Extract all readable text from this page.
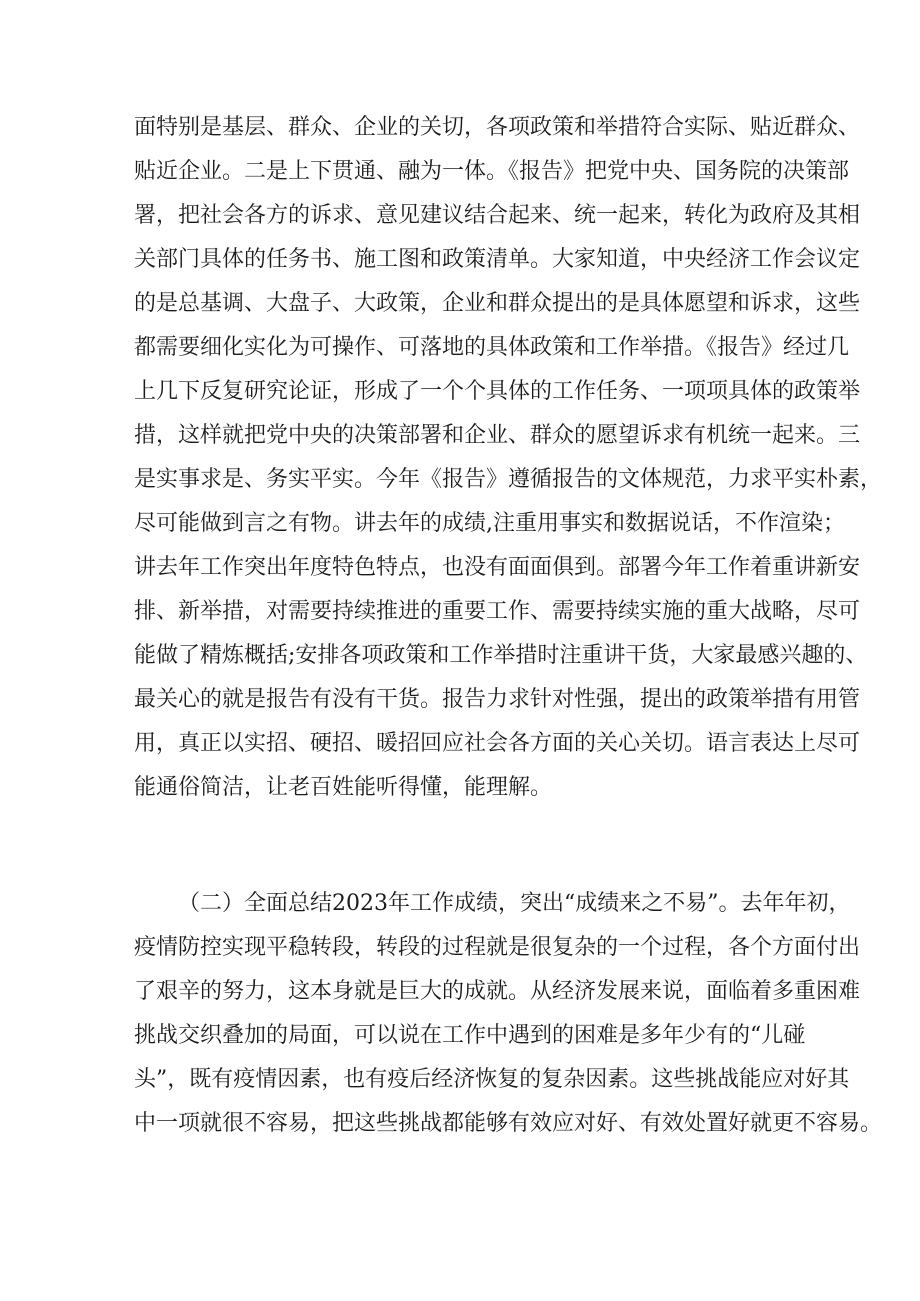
面特别是基层、群众、企业的关切，各项政策和举措符合实际、贴近群众、
贴近企业。二是上下贯通、融为一体。《报告》把党中央、国务院的决策部
署，把社会各方的诉求、意见建议结合起来、统一起来，转化为政府及其相
关部门具体的任务书、施工图和政策清单。大家知道，中央经济工作会议定
的是总基调、大盘子、大政策，企业和群众提出的是具体愿望和诉求，这些
都需要细化实化为可操作、可落地的具体政策和工作举措。《报告》经过几
上几下反复研究论证，形成了一个个具体的工作任务、一项项具体的政策举
措，这样就把党中央的决策部署和企业、群众的愿望诉求有机统一起来。三
是实事求是、务实平实。今年《报告》遵循报告的文体规范，力求平实朴素，
尽可能做到言之有物。讲去年的成绩,注重用事实和数据说话，不作渲染；
讲去年工作突出年度特色特点，也没有面面俱到。部署今年工作着重讲新安
排、新举措，对需要持续推进的重要工作、需要持续实施的重大战略，尽可
能做了精炼概括;安排各项政策和工作举措时注重讲干货，大家最感兴趣的、
最关心的就是报告有没有干货。报告力求针对性强，提出的政策举措有用管
用，真正以实招、硬招、暖招回应社会各方面的关心关切。语言表达上尽可
能通俗简洁，让老百姓能听得懂，能理解。
（二）全面总结2023年工作成绩，突出“成绩来之不易”。去年年初，
疫情防控实现平稳转段，转段的过程就是很复杂的一个过程，各个方面付出
了艰辛的努力，这本身就是巨大的成就。从经济发展来说，面临着多重困难
挑战交织叠加的局面，可以说在工作中遇到的困难是多年少有的“儿碰
头”，既有疫情因素，也有疫后经济恢复的复杂因素。这些挑战能应对好其
中一项就很不容易，把这些挑战都能够有效应对好、有效处置好就更不容易。
